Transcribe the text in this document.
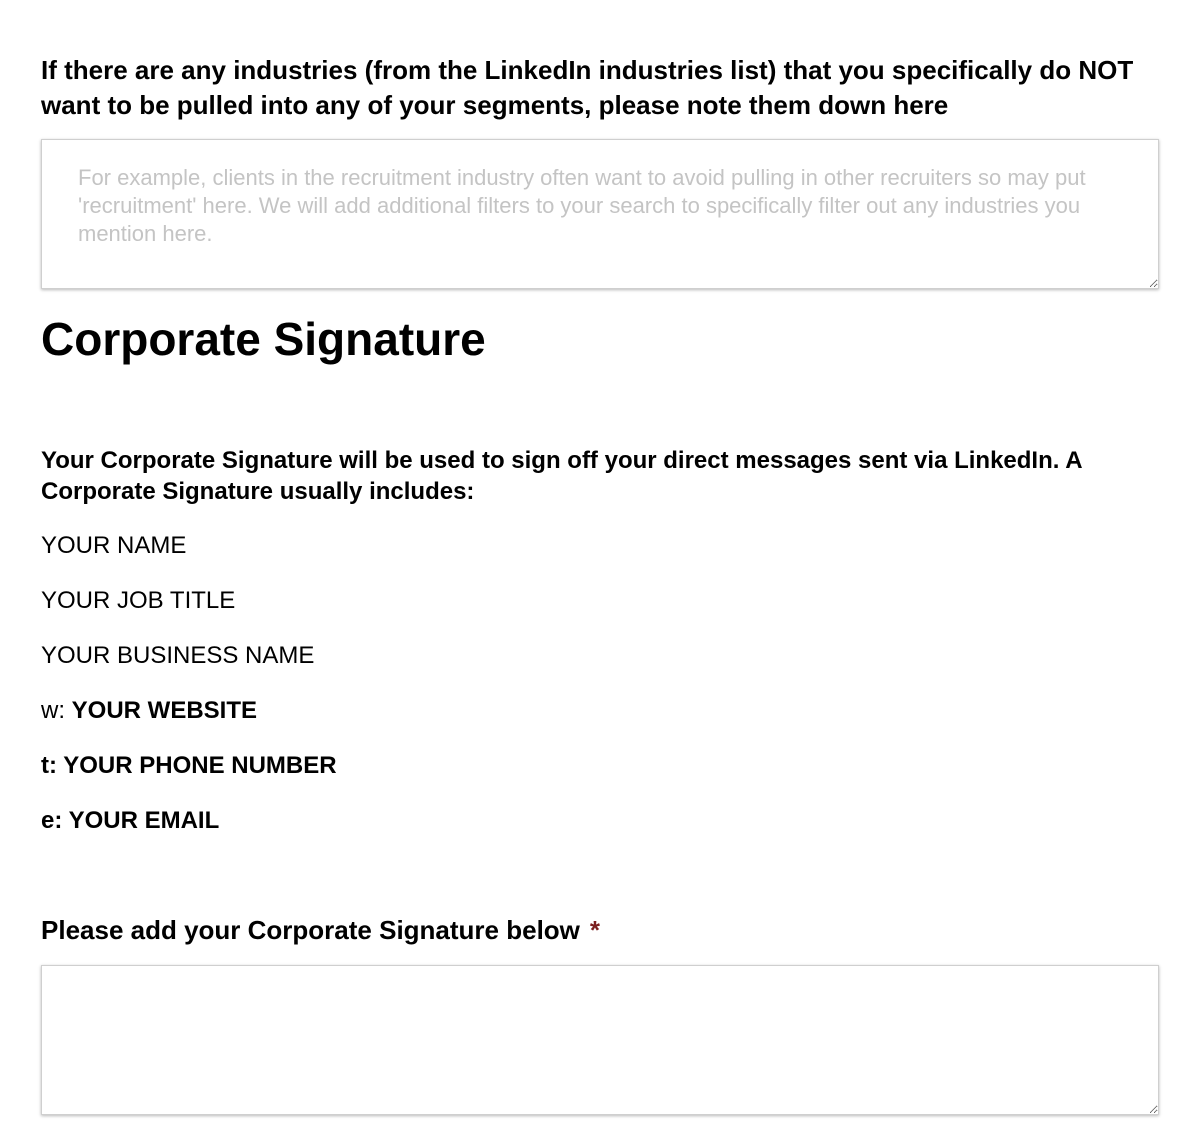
If there are any industries (from the LinkedIn industries list) that you specifically do NOT want to be pulled into any of your segments, please note them down here
For example, clients in the recruitment industry often want to avoid pulling in other recruiters so may put 'recruitment' here. We will add additional filters to your search to specifically filter out any industries you mention here.
Corporate Signature
Your Corporate Signature will be used to sign off your direct messages sent via LinkedIn. A Corporate Signature usually includes:
YOUR NAME
YOUR JOB TITLE
YOUR BUSINESS NAME
w: YOUR WEBSITE
t: YOUR PHONE NUMBER
e: YOUR EMAIL
Please add your Corporate Signature below *
